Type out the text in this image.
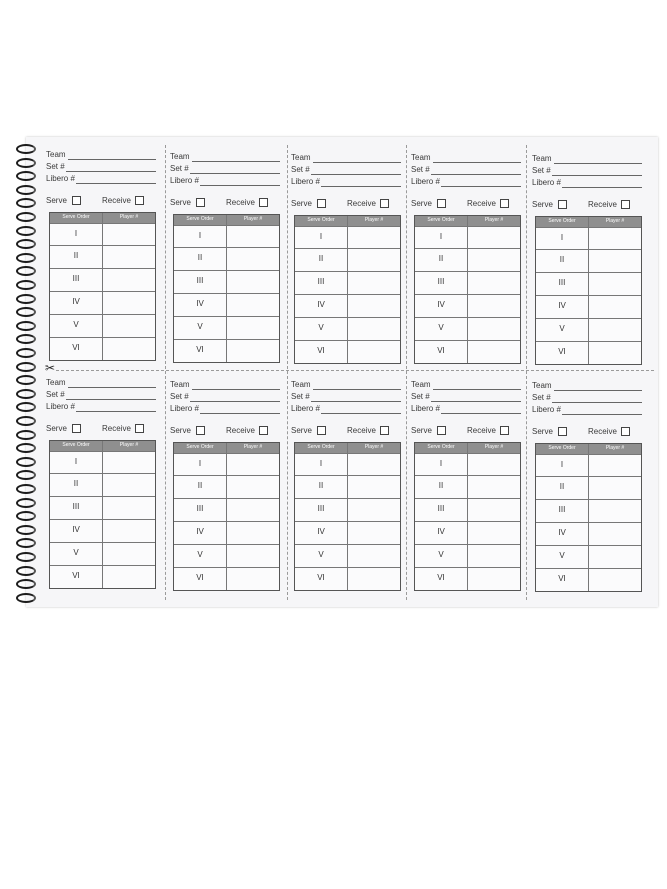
✂
Team
Set #
Libero #
Serve	Receive
Serve Order	Player #
I
II
III
IV
V
VI
Team
Set #
Libero #
Serve	Receive
Serve Order	Player #
I
II
III
IV
V
VI
Team
Set #
Libero #
Serve	Receive
Serve Order	Player #
I
II
III
IV
V
VI
Team
Set #
Libero #
Serve	Receive
Serve Order	Player #
I
II
III
IV
V
VI
Team
Set #
Libero #
Serve	Receive
Serve Order	Player #
I
II
III
IV
V
VI
Team
Set #
Libero #
Serve	Receive
Serve Order	Player #
I
II
III
IV
V
VI
Team
Set #
Libero #
Serve	Receive
Serve Order	Player #
I
II
III
IV
V
VI
Team
Set #
Libero #
Serve	Receive
Serve Order	Player #
I
II
III
IV
V
VI
Team
Set #
Libero #
Serve	Receive
Serve Order	Player #
I
II
III
IV
V
VI
Team
Set #
Libero #
Serve	Receive
Serve Order	Player #
I
II
III
IV
V
VI
